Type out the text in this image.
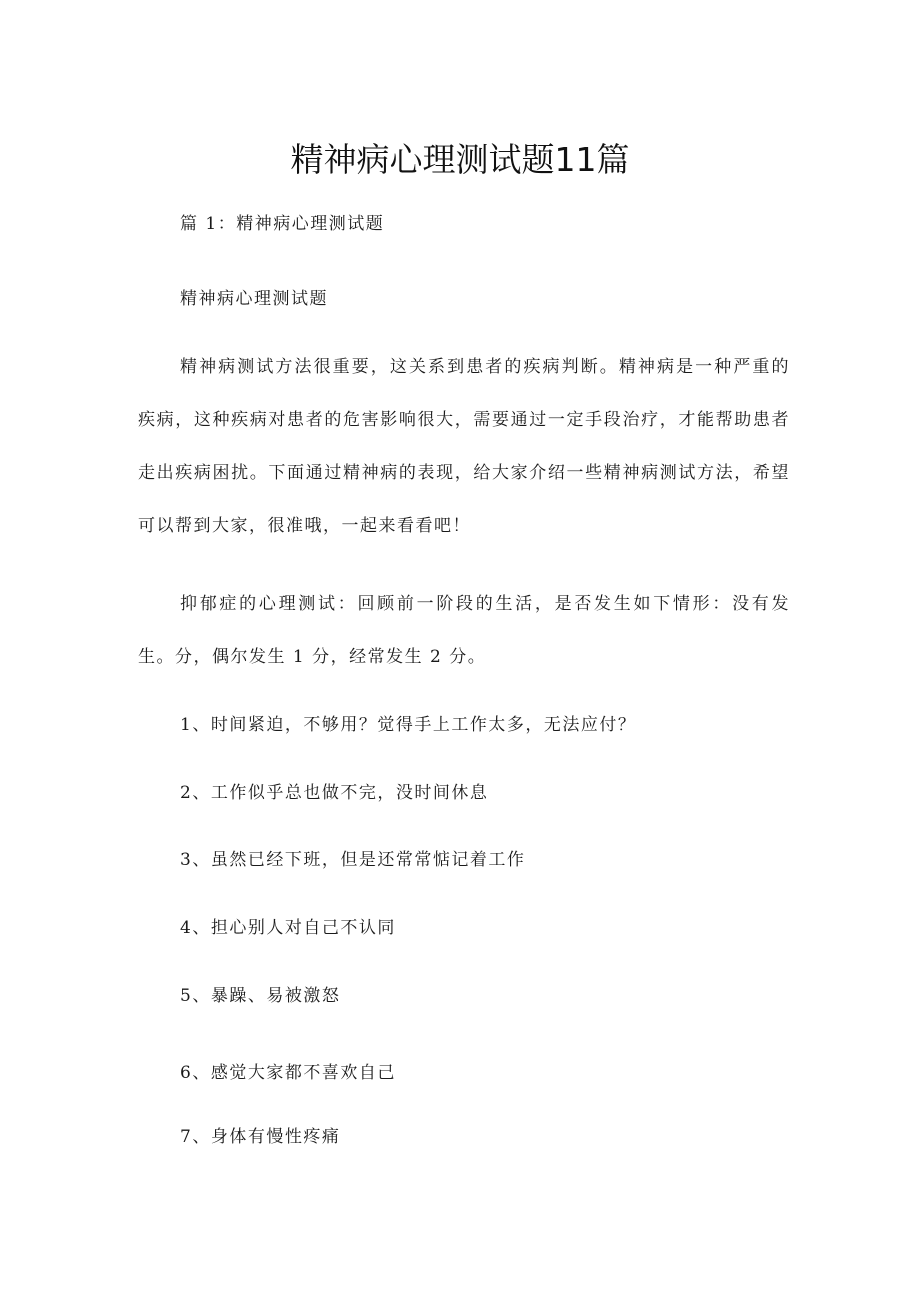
精神病心理测试题11篇

篇 1：精神病心理测试题

精神病心理测试题

精神病测试方法很重要，这关系到患者的疾病判断。精神病是一种严重的疾病，这种疾病对患者的危害影响很大，需要通过一定手段治疗，才能帮助患者走出疾病困扰。下面通过精神病的表现，给大家介绍一些精神病测试方法，希望可以帮到大家，很准哦，一起来看看吧！

抑郁症的心理测试：回顾前一阶段的生活，是否发生如下情形：没有发生。分，偶尔发生 1 分，经常发生 2 分。

1、时间紧迫，不够用？觉得手上工作太多，无法应付？

2、工作似乎总也做不完，没时间休息

3、虽然已经下班，但是还常常惦记着工作

4、担心别人对自己不认同

5、暴躁、易被激怒

6、感觉大家都不喜欢自己

7、身体有慢性疼痛
